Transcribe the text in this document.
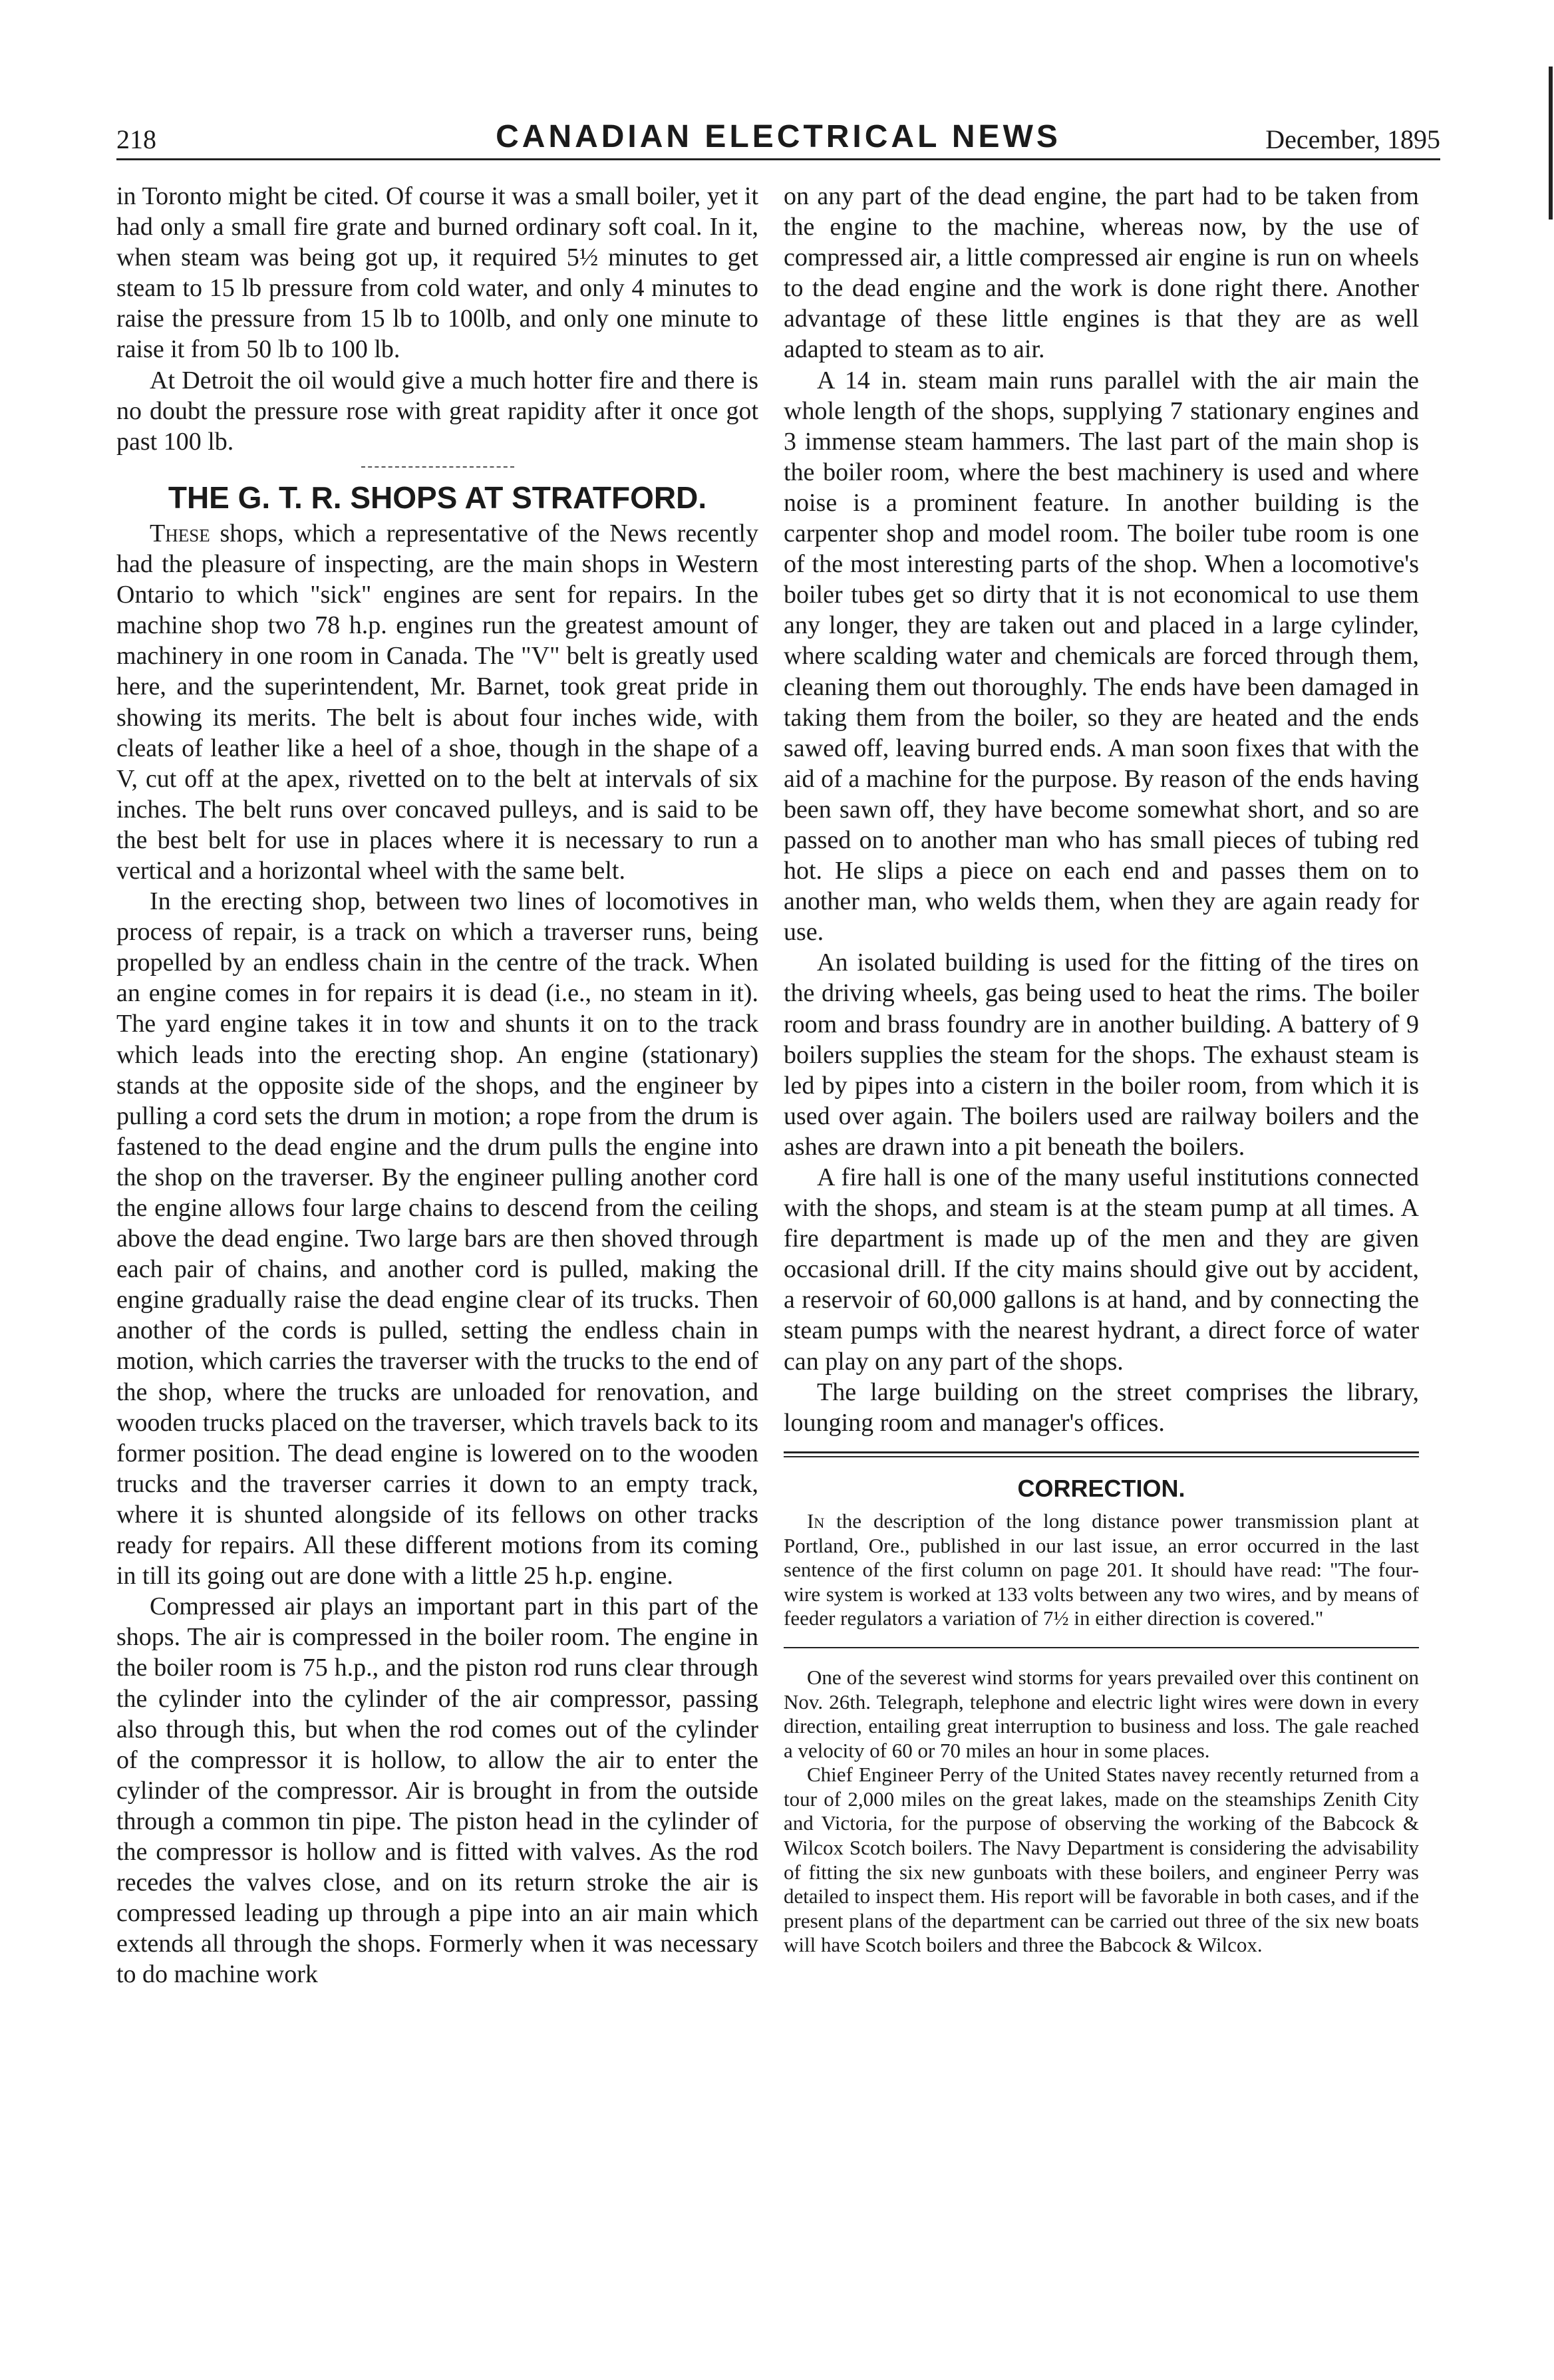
218	CANADIAN ELECTRICAL NEWS	December, 1895

in Toronto might be cited. Of course it was a small boiler, yet it had only a small fire grate and burned ordinary soft coal. In it, when steam was being got up, it required 5½ minutes to get steam to 15 lb pressure from cold water, and only 4 minutes to raise the pressure from 15 lb to 100lb, and only one minute to raise it from 50 lb to 100 lb.

At Detroit the oil would give a much hotter fire and there is no doubt the pressure rose with great rapidity after it once got past 100 lb.

THE G. T. R. SHOPS AT STRATFORD.

These shops, which a representative of the News recently had the pleasure of inspecting, are the main shops in Western Ontario to which "sick" engines are sent for repairs. In the machine shop two 78 h.p. engines run the greatest amount of machinery in one room in Canada. The "V" belt is greatly used here, and the superintendent, Mr. Barnet, took great pride in showing its merits. The belt is about four inches wide, with cleats of leather like a heel of a shoe, though in the shape of a V, cut off at the apex, rivetted on to the belt at intervals of six inches. The belt runs over concaved pulleys, and is said to be the best belt for use in places where it is necessary to run a vertical and a horizontal wheel with the same belt.

In the erecting shop, between two lines of locomotives in process of repair, is a track on which a traverser runs, being propelled by an endless chain in the centre of the track. When an engine comes in for repairs it is dead (i.e., no steam in it). The yard engine takes it in tow and shunts it on to the track which leads into the erecting shop. An engine (stationary) stands at the opposite side of the shops, and the engineer by pulling a cord sets the drum in motion; a rope from the drum is fastened to the dead engine and the drum pulls the engine into the shop on the traverser. By the engineer pulling another cord the engine allows four large chains to descend from the ceiling above the dead engine. Two large bars are then shoved through each pair of chains, and another cord is pulled, making the engine gradually raise the dead engine clear of its trucks. Then another of the cords is pulled, setting the endless chain in motion, which carries the traverser with the trucks to the end of the shop, where the trucks are unloaded for renovation, and wooden trucks placed on the traverser, which travels back to its former position. The dead engine is lowered on to the wooden trucks and the traverser carries it down to an empty track, where it is shunted alongside of its fellows on other tracks ready for repairs. All these different motions from its coming in till its going out are done with a little 25 h.p. engine.

Compressed air plays an important part in this part of the shops. The air is compressed in the boiler room. The engine in the boiler room is 75 h.p., and the piston rod runs clear through the cylinder into the cylinder of the air compressor, passing also through this, but when the rod comes out of the cylinder of the compressor it is hollow, to allow the air to enter the cylinder of the compressor. Air is brought in from the outside through a common tin pipe. The piston head in the cylinder of the compressor is hollow and is fitted with valves. As the rod recedes the valves close, and on its return stroke the air is compressed leading up through a pipe into an air main which extends all through the shops. Formerly when it was necessary to do machine work

on any part of the dead engine, the part had to be taken from the engine to the machine, whereas now, by the use of compressed air, a little compressed air engine is run on wheels to the dead engine and the work is done right there. Another advantage of these little engines is that they are as well adapted to steam as to air.

A 14 in. steam main runs parallel with the air main the whole length of the shops, supplying 7 stationary engines and 3 immense steam hammers. The last part of the main shop is the boiler room, where the best machinery is used and where noise is a prominent feature. In another building is the carpenter shop and model room. The boiler tube room is one of the most interesting parts of the shop. When a locomotive's boiler tubes get so dirty that it is not economical to use them any longer, they are taken out and placed in a large cylinder, where scalding water and chemicals are forced through them, cleaning them out thoroughly. The ends have been damaged in taking them from the boiler, so they are heated and the ends sawed off, leaving burred ends. A man soon fixes that with the aid of a machine for the purpose. By reason of the ends having been sawn off, they have become somewhat short, and so are passed on to another man who has small pieces of tubing red hot. He slips a piece on each end and passes them on to another man, who welds them, when they are again ready for use.

An isolated building is used for the fitting of the tires on the driving wheels, gas being used to heat the rims. The boiler room and brass foundry are in another building. A battery of 9 boilers supplies the steam for the shops. The exhaust steam is led by pipes into a cistern in the boiler room, from which it is used over again. The boilers used are railway boilers and the ashes are drawn into a pit beneath the boilers.

A fire hall is one of the many useful institutions connected with the shops, and steam is at the steam pump at all times. A fire department is made up of the men and they are given occasional drill. If the city mains should give out by accident, a reservoir of 60,000 gallons is at hand, and by connecting the steam pumps with the nearest hydrant, a direct force of water can play on any part of the shops.

The large building on the street comprises the library, lounging room and manager's offices.

CORRECTION.

In the description of the long distance power transmission plant at Portland, Ore., published in our last issue, an error occurred in the last sentence of the first column on page 201. It should have read: "The four-wire system is worked at 133 volts between any two wires, and by means of feeder regulators a variation of 7½ in either direction is covered."

One of the severest wind storms for years prevailed over this continent on Nov. 26th. Telegraph, telephone and electric light wires were down in every direction, entailing great interruption to business and loss. The gale reached a velocity of 60 or 70 miles an hour in some places.

Chief Engineer Perry of the United States navey recently returned from a tour of 2,000 miles on the great lakes, made on the steamships Zenith City and Victoria, for the purpose of observing the working of the Babcock & Wilcox Scotch boilers. The Navy Department is considering the advisability of fitting the six new gunboats with these boilers, and engineer Perry was detailed to inspect them. His report will be favorable in both cases, and if the present plans of the department can be carried out three of the six new boats will have Scotch boilers and three the Babcock & Wilcox.
